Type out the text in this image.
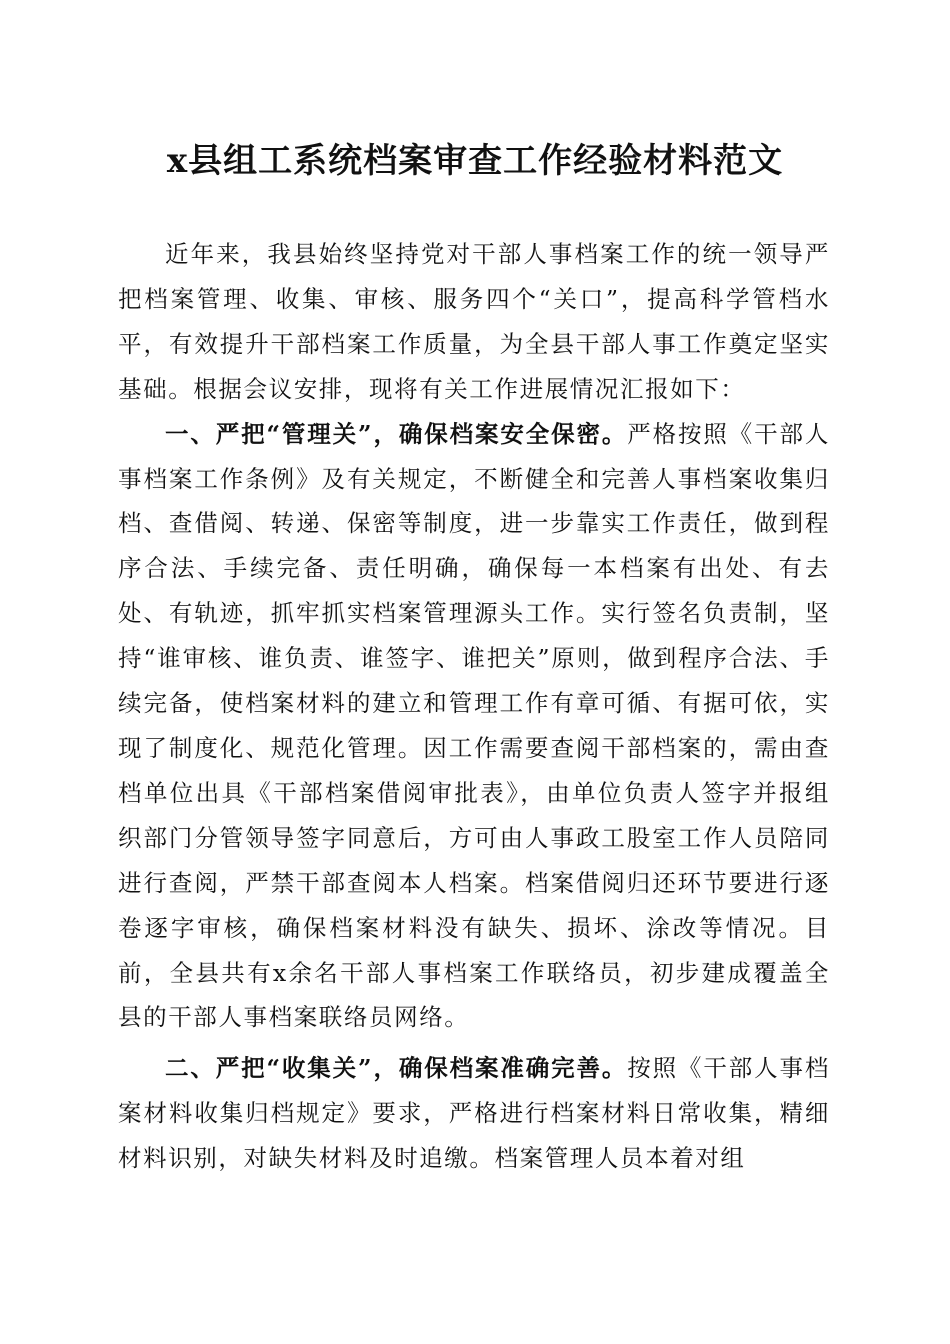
x县组工系统档案审查工作经验材料范文

近年来，我县始终坚持党对干部人事档案工作的统一领导严把档案管理、收集、审核、服务四个“关口”，提高科学管档水平，有效提升干部档案工作质量，为全县干部人事工作奠定坚实基础。根据会议安排，现将有关工作进展情况汇报如下：

一、严把“管理关”，确保档案安全保密。严格按照《干部人事档案工作条例》及有关规定，不断健全和完善人事档案收集归档、查借阅、转递、保密等制度，进一步靠实工作责任，做到程序合法、手续完备、责任明确，确保每一本档案有出处、有去处、有轨迹，抓牢抓实档案管理源头工作。实行签名负责制，坚持“谁审核、谁负责、谁签字、谁把关”原则，做到程序合法、手续完备，使档案材料的建立和管理工作有章可循、有据可依，实现了制度化、规范化管理。因工作需要查阅干部档案的，需由查档单位出具《干部档案借阅审批表》，由单位负责人签字并报组织部门分管领导签字同意后，方可由人事政工股室工作人员陪同进行查阅，严禁干部查阅本人档案。档案借阅归还环节要进行逐卷逐字审核，确保档案材料没有缺失、损坏、涂改等情况。目前，全县共有x余名干部人事档案工作联络员，初步建成覆盖全县的干部人事档案联络员网络。

二、严把“收集关”，确保档案准确完善。按照《干部人事档案材料收集归档规定》要求，严格进行档案材料日常收集，精细材料识别，对缺失材料及时追缴。档案管理人员本着对组
